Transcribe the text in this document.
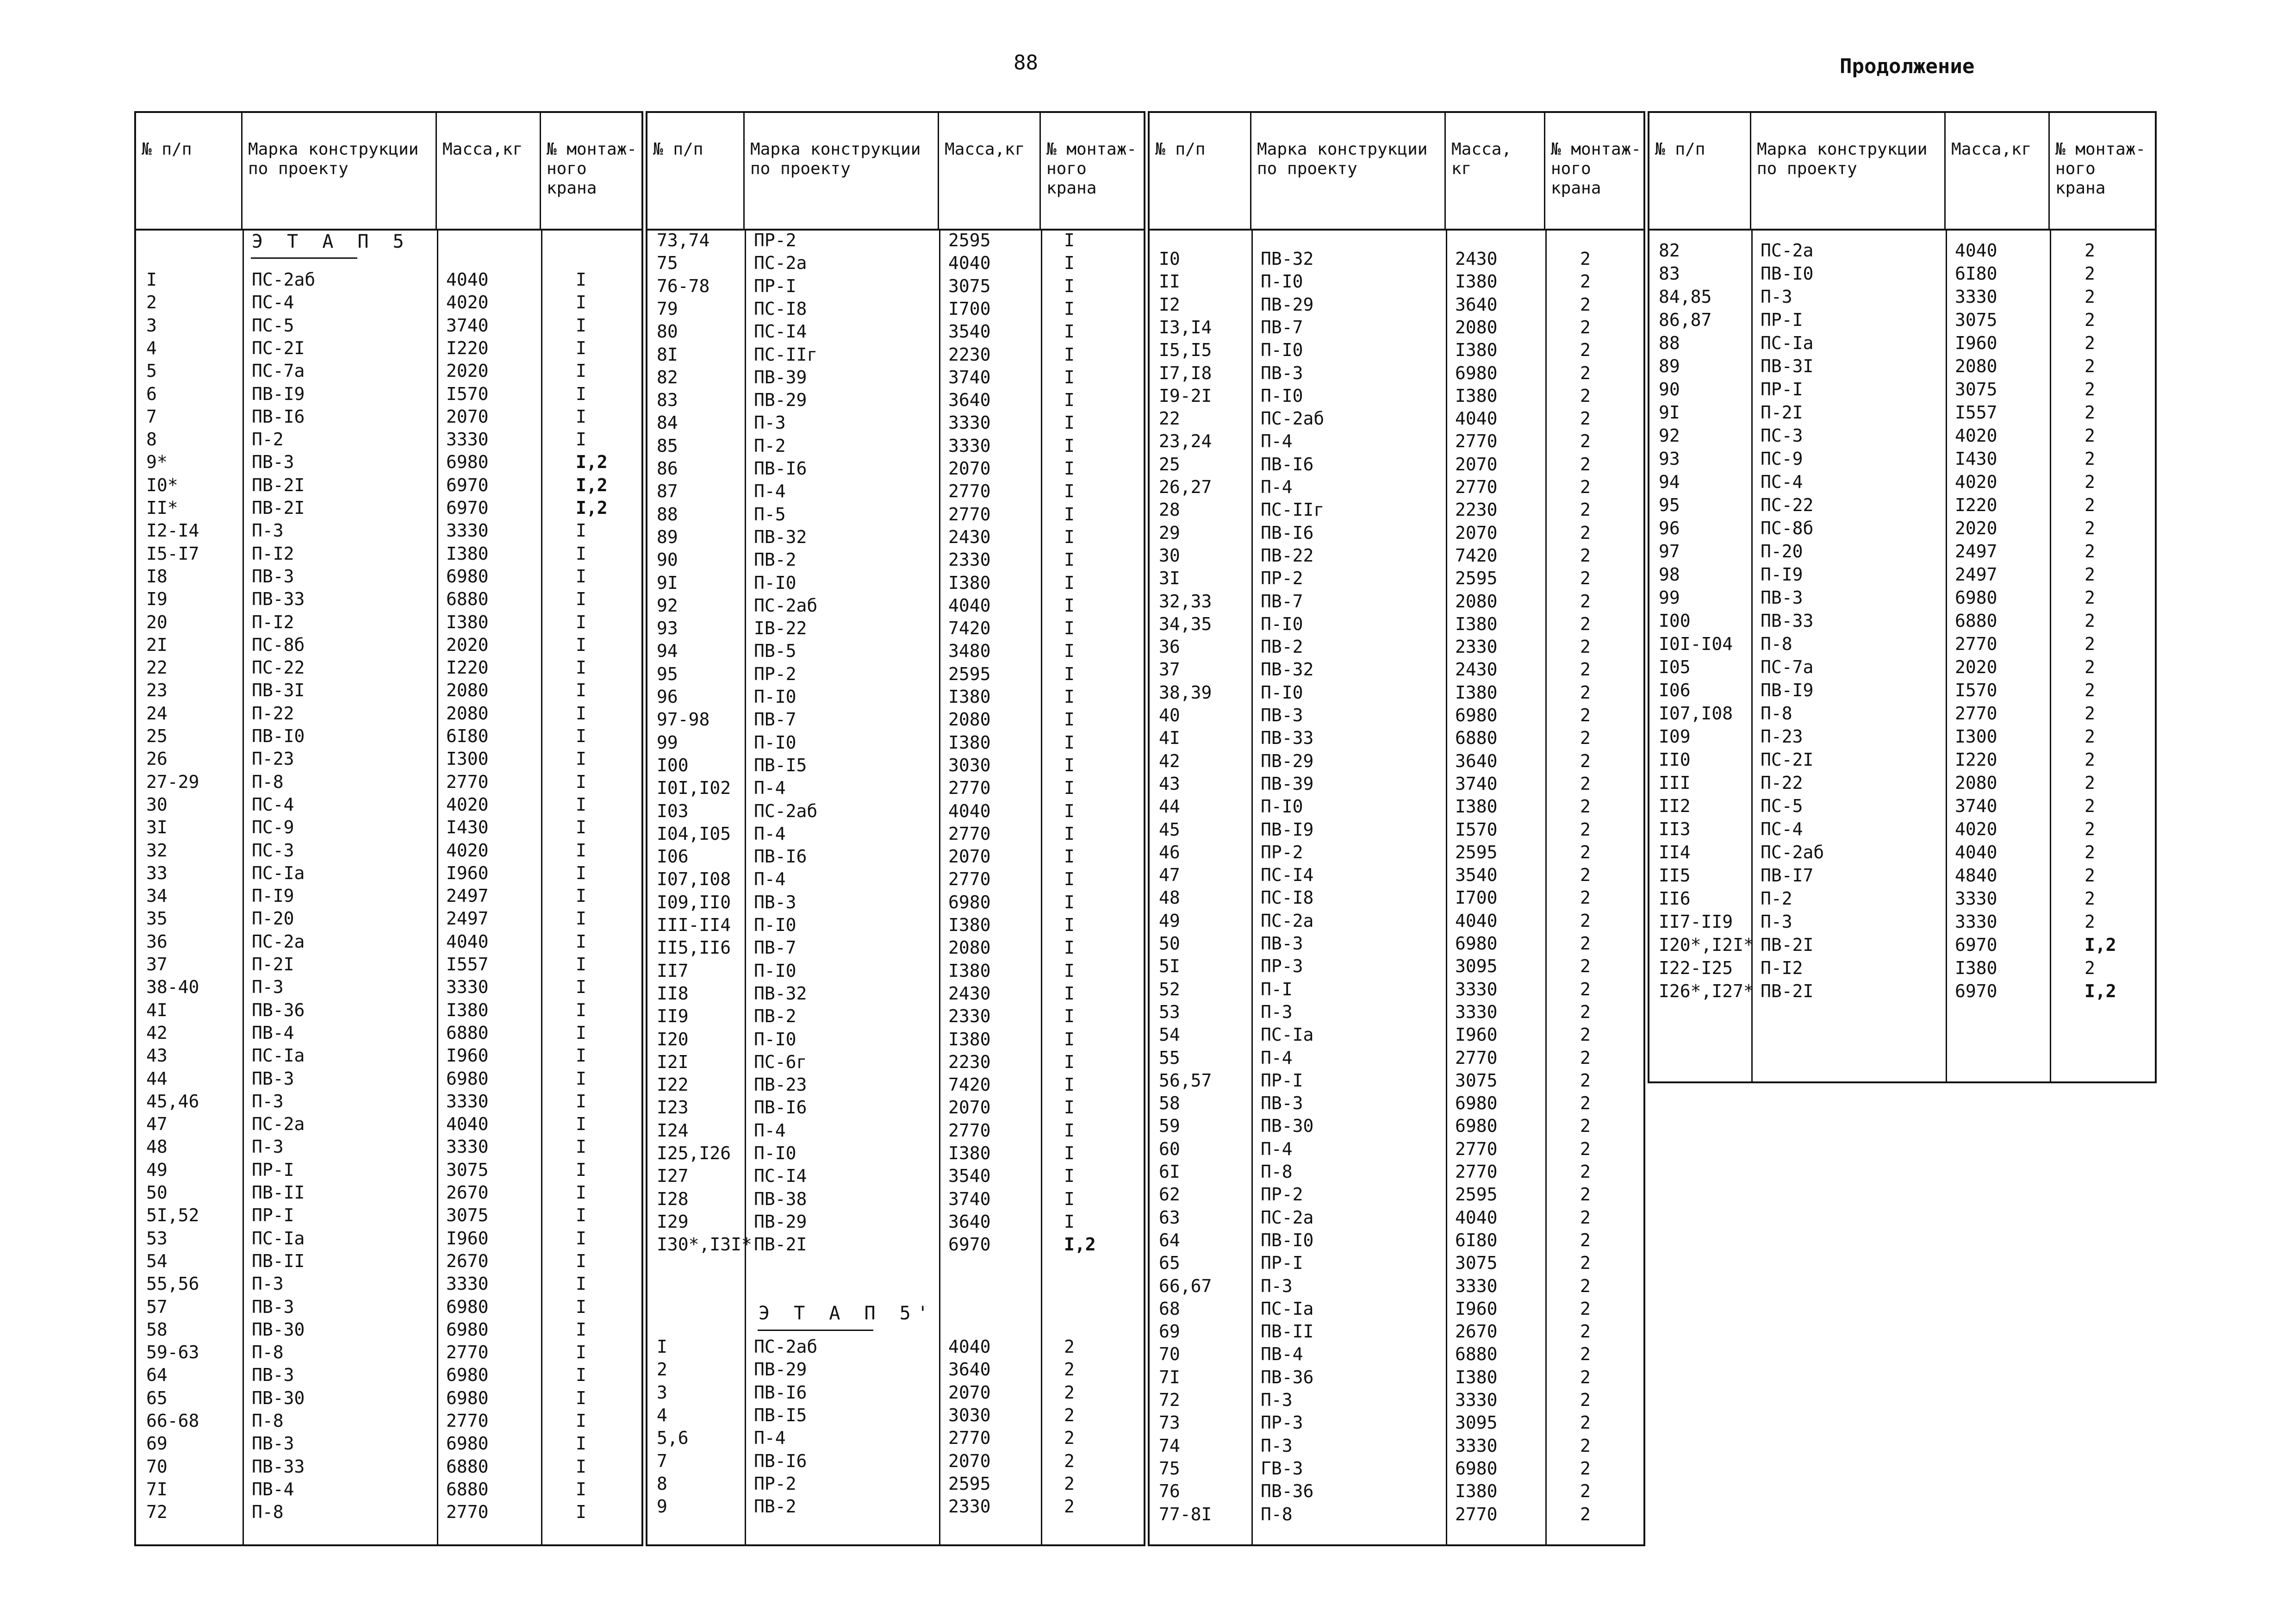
88	Продолжение
№ п/п	Марка конструкции
по проекту
Масса,кг	№ монтаж-
ного крана
Э Т А П 5
I	ПС-2аб	4040	I
2	ПС-4	4020	I
3	ПС-5	3740	I
4	ПС-2I	I220	I
5	ПС-7а	2020	I
6	ПВ-I9	I570	I
7	ПВ-I6	2070	I
8	П-2	3330	I
9*	ПВ-3	6980	I,2
I0*	ПВ-2I	6970	I,2
II*	ПВ-2I	6970	I,2
I2-I4	П-3	3330	I
I5-I7	П-I2	I380	I
I8	ПВ-3	6980	I
I9	ПВ-33	6880	I
20	П-I2	I380	I
2I	ПС-8б	2020	I
22	ПС-22	I220	I
23	ПВ-3I	2080	I
24	П-22	2080	I
25	ПВ-I0	6I80	I
26	П-23	I300	I
27-29	П-8	2770	I
30	ПС-4	4020	I
3I	ПС-9	I430	I
32	ПС-3	4020	I
33	ПС-Iа	I960	I
34	П-I9	2497	I
35	П-20	2497	I
36	ПС-2а	4040	I
37	П-2I	I557	I
38-40	П-3	3330	I
4I	ПВ-36	I380	I
42	ПВ-4	6880	I
43	ПС-Iа	I960	I
44	ПВ-3	6980	I
45,46	П-3	3330	I
47	ПС-2а	4040	I
48	П-3	3330	I
49	ПР-I	3075	I
50	ПВ-II	2670	I
5I,52	ПР-I	3075	I
53	ПС-Iа	I960	I
54	ПВ-II	2670	I
55,56	П-3	3330	I
57	ПВ-3	6980	I
58	ПВ-30	6980	I
59-63	П-8	2770	I
64	ПВ-3	6980	I
65	ПВ-30	6980	I
66-68	П-8	2770	I
69	ПВ-3	6980	I
70	ПВ-33	6880	I
7I	ПВ-4	6880	I
72	П-8	2770	I
№ п/п	Марка конструкции
по проекту
Масса,кг	№ монтаж-
ного крана
Э Т А П 5'
73,74	ПР-2	2595	I
75	ПС-2а	4040	I
76-78	ПР-I	3075	I
79	ПС-I8	I700	I
80	ПС-I4	3540	I
8I	ПС-IIг	2230	I
82	ПВ-39	3740	I
83	ПВ-29	3640	I
84	П-3	3330	I
85	П-2	3330	I
86	ПВ-I6	2070	I
87	П-4	2770	I
88	П-5	2770	I
89	ПВ-32	2430	I
90	ПВ-2	2330	I
9I	П-I0	I380	I
92	ПС-2аб	4040	I
93	ІВ-22	7420	I
94	ПВ-5	3480	I
95	ПР-2	2595	I
96	П-I0	I380	I
97-98	ПВ-7	2080	I
99	П-I0	I380	I
I00	ПВ-I5	3030	I
I0I,I02 П-4	2770	I
I03	ПС-2аб	4040	I
I04,I05 П-4	2770	I
I06	ПВ-I6	2070	I
I07,I08 П-4	2770	I
I09,II0 ПВ-3	6980	I
III-II4 П-I0	I380	I
II5,II6 ПВ-7	2080	I
II7	П-I0	I380	I
II8	ПВ-32	2430	I
II9	ПВ-2	2330	I
I20	П-I0	I380	I
I2I	ПС-6г	2230	I
I22	ПВ-23	7420	I
I23	ПВ-I6	2070	I
I24	П-4	2770	I
I25,I26 П-I0	I380	I
I27	ПС-I4	3540	I
I28	ПВ-38	3740	I
I29	ПВ-29	3640	I
I30*,I3I* ПВ-2I	6970	I,2
I	ПС-2аб	4040	2
2	ПВ-29	3640	2
3	ПВ-I6	2070	2
4	ПВ-I5	3030	2
5,6	П-4	2770	2
7	ПВ-I6	2070	2
8	ПР-2	2595	2
9	ПВ-2	2330	2
№ п/п	Марка конструкции
по проекту
Масса, кг
№ монтаж-
ного крана
I0	ПВ-32	2430	2
II	П-I0	I380	2
I2	ПВ-29	3640	2
I3,I4	ПВ-7	2080	2
I5,I5	П-I0	I380	2
I7,I8	ПВ-3	6980	2
I9-2I	П-I0	I380	2
22	ПС-2аб	4040	2
23,24	П-4	2770	2
25	ПВ-I6	2070	2
26,27	П-4	2770	2
28	ПС-IIг	2230	2
29	ПВ-I6	2070	2
30	ПВ-22	7420	2
3I	ПР-2	2595	2
32,33	ПВ-7	2080	2
34,35	П-I0	I380	2
36	ПВ-2	2330	2
37	ПВ-32	2430	2
38,39	П-I0	I380	2
40	ПВ-3	6980	2
4I	ПВ-33	6880	2
42	ПВ-29	3640	2
43	ПВ-39	3740	2
44	П-I0	I380	2
45	ПВ-I9	I570	2
46	ПР-2	2595	2
47	ПС-I4	3540	2
48	ПС-I8	I700	2
49	ПС-2а	4040	2
50	ПВ-3	6980	2
5I	ПР-3	3095	2
52	П-I	3330	2
53	П-3	3330	2
54	ПС-Iа	I960	2
55	П-4	2770	2
56,57	ПР-I	3075	2
58	ПВ-3	6980	2
59	ПВ-30	6980	2
60	П-4	2770	2
6I	П-8	2770	2
62	ПР-2	2595	2
63	ПС-2а	4040	2
64	ПВ-I0	6I80	2
65	ПР-I	3075	2
66,67	П-3	3330	2
68	ПС-Iа	I960	2
69	ПВ-II	2670	2
70	ПВ-4	6880	2
7I	ПВ-36	I380	2
72	П-3	3330	2
73	ПР-3	3095	2
74	П-3	3330	2
75	ГВ-3	6980	2
76	ПВ-36	I380	2
77-8I	П-8	2770	2
№ п/п	Марка конструкции
по проекту
Масса,кг	№ монтаж-
ного крана
82	ПС-2а	4040	2
83	ПВ-I0	6I80	2
84,85	П-3	3330	2
86,87	ПР-I	3075	2
88	ПС-Iа	I960	2
89	ПВ-3I	2080	2
90	ПР-I	3075	2
9I	П-2I	I557	2
92	ПС-3	4020	2
93	ПС-9	I430	2
94	ПС-4	4020	2
95	ПС-22	I220	2
96	ПС-8б	2020	2
97	П-20	2497	2
98	П-I9	2497	2
99	ПВ-3	6980	2
I00	ПВ-33	6880	2
I0I-I04 П-8	2770	2
I05	ПС-7а	2020	2
I06	ПВ-I9	I570	2
I07,I08 П-8	2770	2
I09	П-23	I300	2
II0	ПС-2I	I220	2
III	П-22	2080	2
II2	ПС-5	3740	2
II3	ПС-4	4020	2
II4	ПС-2аб	4040	2
II5	ПВ-I7	4840	2
II6	П-2	3330	2
II7-II9 П-3	3330	2
I20*,I2I* ПВ-2I	6970	I,2
I22-I25 П-I2	I380	2
I26*,I27* ПВ-2I	6970	I,2
